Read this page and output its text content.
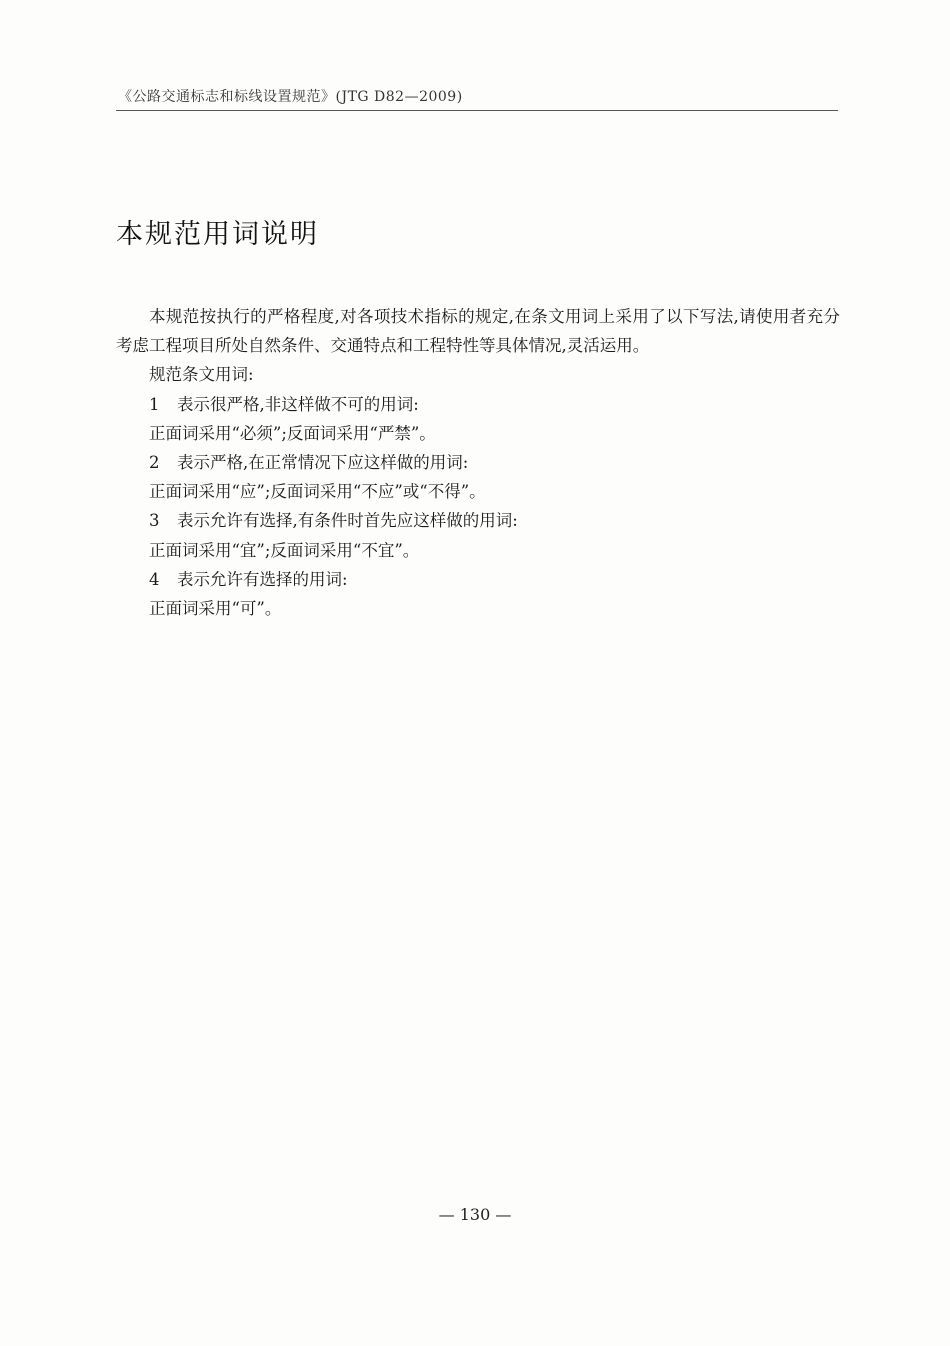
《公路交通标志和标线设置规范》(JTG D82—2009)
本规范用词说明

本规范按执行的严格程度,对各项技术指标的规定,在条文用词上采用了以下写法,请使用者充分考虑工程项目所处自然条件、交通特点和工程特性等具体情况,灵活运用。

规范条文用词:

1 表示很严格,非这样做不可的用词:

正面词采用“必须”;反面词采用“严禁”。

2 表示严格,在正常情况下应这样做的用词:

正面词采用“应”;反面词采用“不应”或“不得”。

3 表示允许有选择,有条件时首先应这样做的用词:

正面词采用“宜”;反面词采用“不宜”。

4 表示允许有选择的用词:

正面词采用“可”。

— 130 —
